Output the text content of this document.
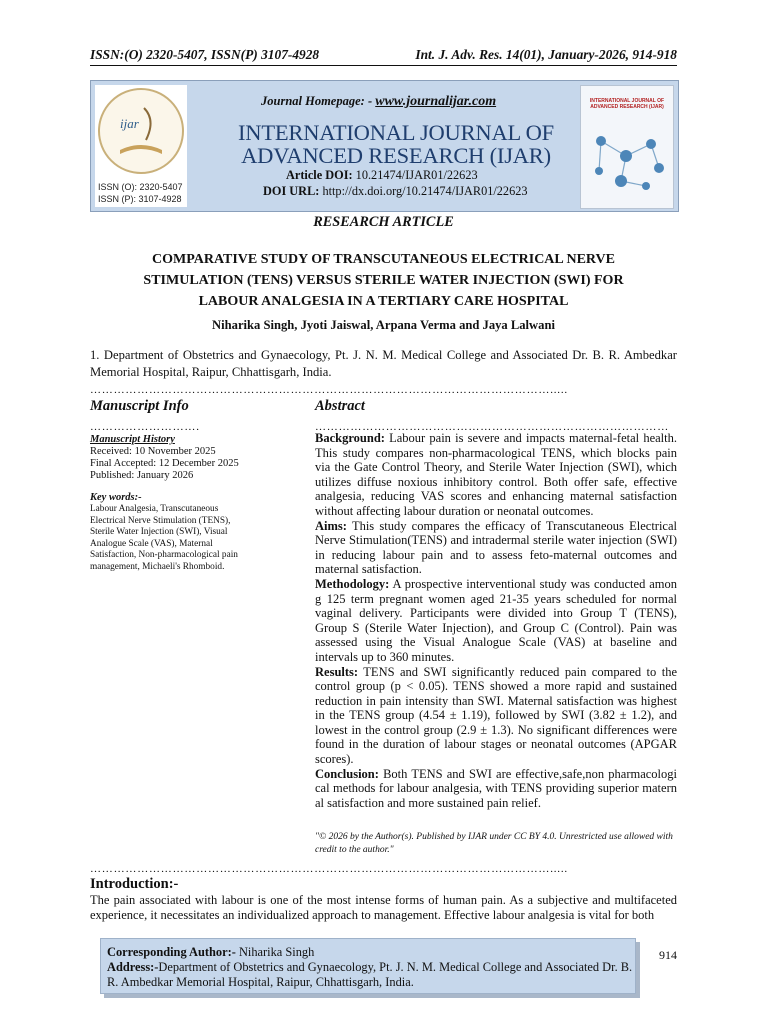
ISSN:(O) 2320-5407, ISSN(P) 3107-4928	Int. J. Adv. Res. 14(01), January-2026, 914-918
ijar
ISSN (O): 2320-5407
ISSN (P): 3107-4928
Journal Homepage: - www.journalijar.com
INTERNATIONAL JOURNAL OF
ADVANCED RESEARCH (IJAR)
Article DOI: 10.21474/IJAR01/22623
DOI URL: http://dx.doi.org/10.21474/IJAR01/22623
INTERNATIONAL JOURNAL OF ADVANCED RESEARCH (IJAR)
RESEARCH ARTICLE
COMPARATIVE STUDY OF TRANSCUTANEOUS ELECTRICAL NERVE
STIMULATION (TENS) VERSUS STERILE WATER INJECTION (SWI) FOR
LABOUR ANALGESIA IN A TERTIARY CARE HOSPITAL
Niharika Singh, Jyoti Jaiswal, Arpana Verma and Jaya Lalwani
1. Department of Obstetrics and Gynaecology, Pt. J. N. M. Medical College and Associated Dr. B. R. Ambedkar Memorial Hospital, Raipur, Chhattisgarh, India.
……………………………………………………………………………………………………….....
Manuscript Info
……………………….
Manuscript History
Received: 10 November 2025
Final Accepted: 12 December 2025
Published: January 2026
Key words:-
Labour Analgesia, Transcutaneous Electrical Nerve Stimulation (TENS), Sterile Water Injection (SWI), Visual Analogue Scale (VAS), Maternal Satisfaction, Non-pharmacological pain management, Michaeli's Rhomboid.
Abstract
………………………………………………………………………………

Background: Labour pain is severe and impacts maternal-fetal health. This study compares non-pharmacological TENS, which blocks pain via the Gate Control Theory, and Sterile Water Injection (SWI), which utilizes diffuse noxious inhibitory control. Both offer safe, effective analgesia, reducing VAS scores and enhancing maternal satisfaction without affecting labour duration or neonatal outcomes.

Aims: This study compares the efficacy of Transcutaneous Electrical Nerve Stimulation(TENS) and intradermal sterile water injection (SWI) in reducing labour pain and to assess feto-maternal outcomes and maternal satisfaction.

Methodology: A prospective interventional study was conducted amon g 125 term pregnant women aged 21-35 years scheduled for normal vaginal delivery. Participants were divided into Group T (TENS), Group S (Sterile Water Injection), and Group C (Control). Pain was assessed using the Visual Analogue Scale (VAS) at baseline and intervals up to 360 minutes.

Results: TENS and SWI significantly reduced pain compared to the control group (p < 0.05). TENS showed a more rapid and sustained reduction in pain intensity than SWI. Maternal satisfaction was highest in the TENS group (4.54 ± 1.19), followed by SWI (3.82 ± 1.2), and lowest in the control group (2.9 ± 1.3). No significant differences were found in the duration of labour stages or neonatal outcomes (APGAR scores).

Conclusion: Both TENS and SWI are effective,safe,non pharmacologi cal methods for labour analgesia, with TENS providing superior matern al satisfaction and more sustained pain relief.

"© 2026 by the Author(s). Published by IJAR under CC BY 4.0. Unrestricted use allowed with credit to the author."
……………………………………………………………………………………………………….....
Introduction:-
The pain associated with labour is one of the most intense forms of human pain. As a subjective and multifaceted experience, it necessitates an individualized approach to management. Effective labour analgesia is vital for both
Corresponding Author:- Niharika Singh
Address:-Department of Obstetrics and Gynaecology, Pt. J. N. M. Medical College and Associated Dr. B. R. Ambedkar Memorial Hospital, Raipur, Chhattisgarh, India.
914
